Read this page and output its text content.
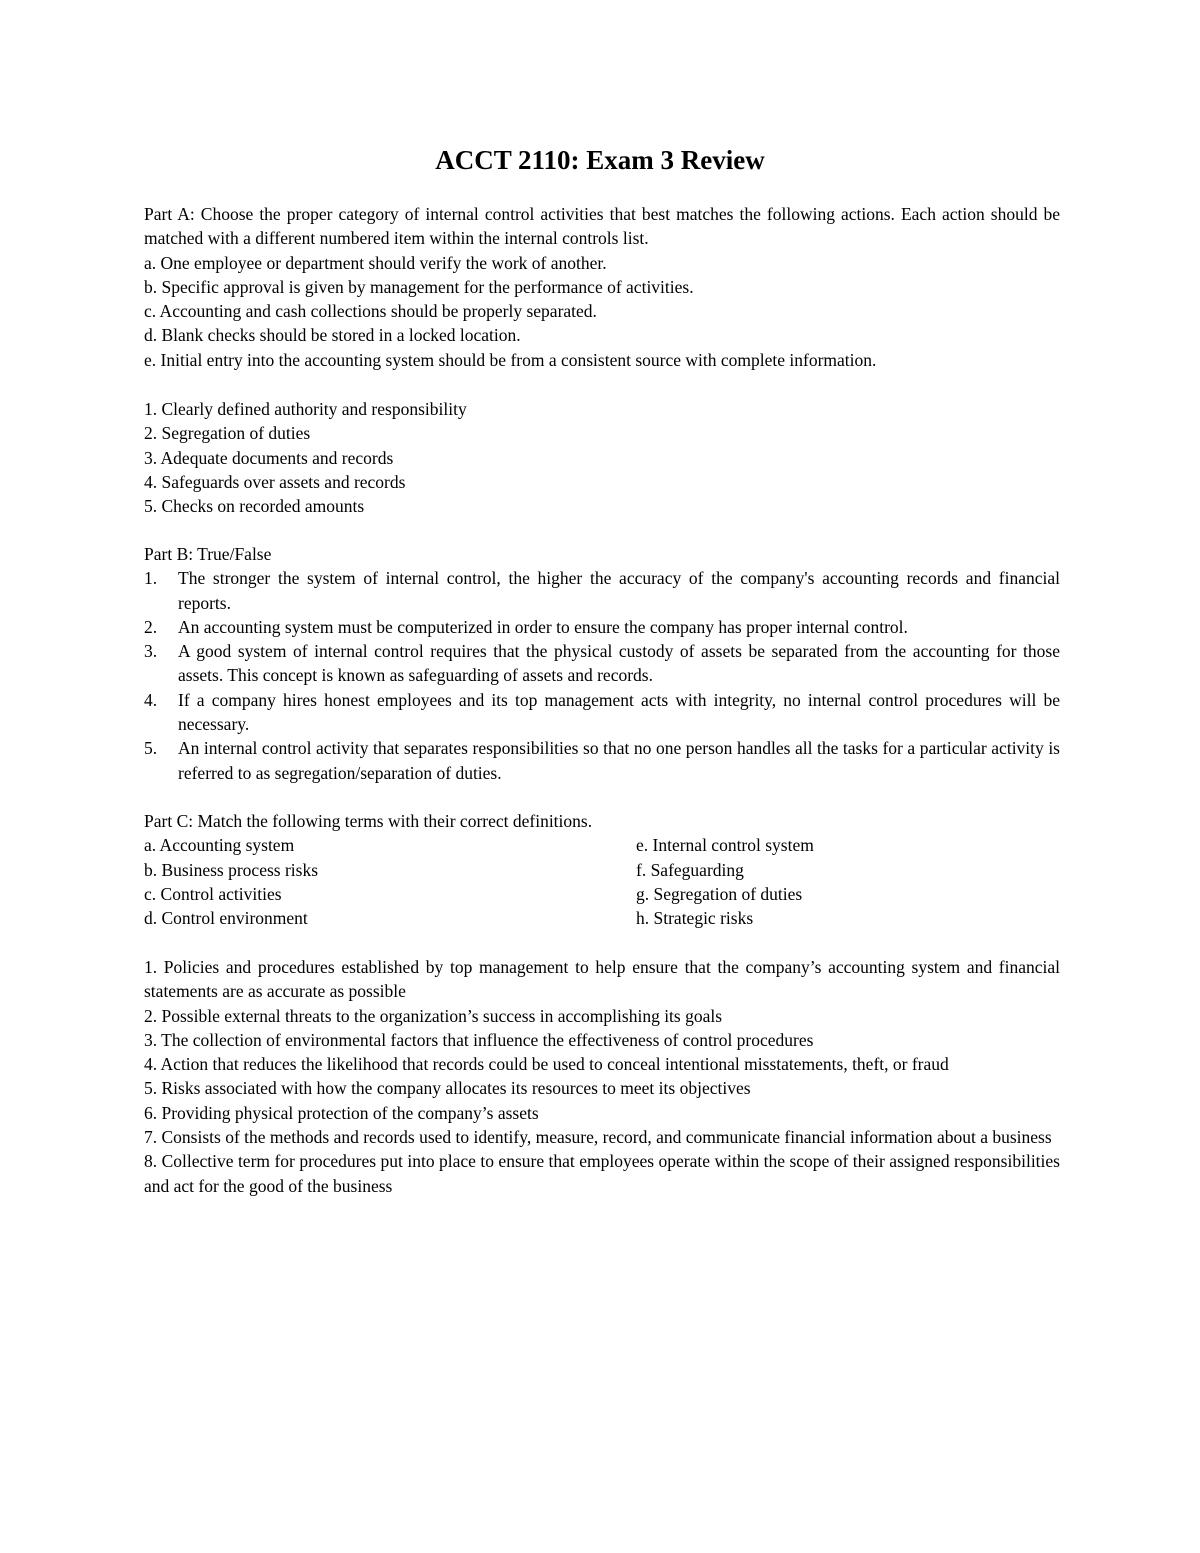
ACCT 2110: Exam 3 Review
Part A: Choose the proper category of internal control activities that best matches the following actions. Each action should be matched with a different numbered item within the internal controls list.
a. One employee or department should verify the work of another.
b. Specific approval is given by management for the performance of activities.
c. Accounting and cash collections should be properly separated.
d. Blank checks should be stored in a locked location.
e. Initial entry into the accounting system should be from a consistent source with complete information.
1. Clearly defined authority and responsibility
2. Segregation of duties
3. Adequate documents and records
4. Safeguards over assets and records
5. Checks on recorded amounts
Part B: True/False
1.	The stronger the system of internal control, the higher the accuracy of the company's accounting records and financial reports.
2.	An accounting system must be computerized in order to ensure the company has proper internal control.
3.	A good system of internal control requires that the physical custody of assets be separated from the accounting for those assets. This concept is known as safeguarding of assets and records.
4.	If a company hires honest employees and its top management acts with integrity, no internal control procedures will be necessary.
5.	An internal control activity that separates responsibilities so that no one person handles all the tasks for a particular activity is referred to as segregation/separation of duties.
Part C: Match the following terms with their correct definitions.
a. Accounting system
b. Business process risks
c. Control activities
d. Control environment
e. Internal control system
f. Safeguarding
g. Segregation of duties
h. Strategic risks
1. Policies and procedures established by top management to help ensure that the company’s accounting system and financial statements are as accurate as possible
2. Possible external threats to the organization’s success in accomplishing its goals
3. The collection of environmental factors that influence the effectiveness of control procedures
4. Action that reduces the likelihood that records could be used to conceal intentional misstatements, theft, or fraud
5. Risks associated with how the company allocates its resources to meet its objectives
6. Providing physical protection of the company’s assets
7. Consists of the methods and records used to identify, measure, record, and communicate financial information about a business
8. Collective term for procedures put into place to ensure that employees operate within the scope of their assigned responsibilities and act for the good of the business
